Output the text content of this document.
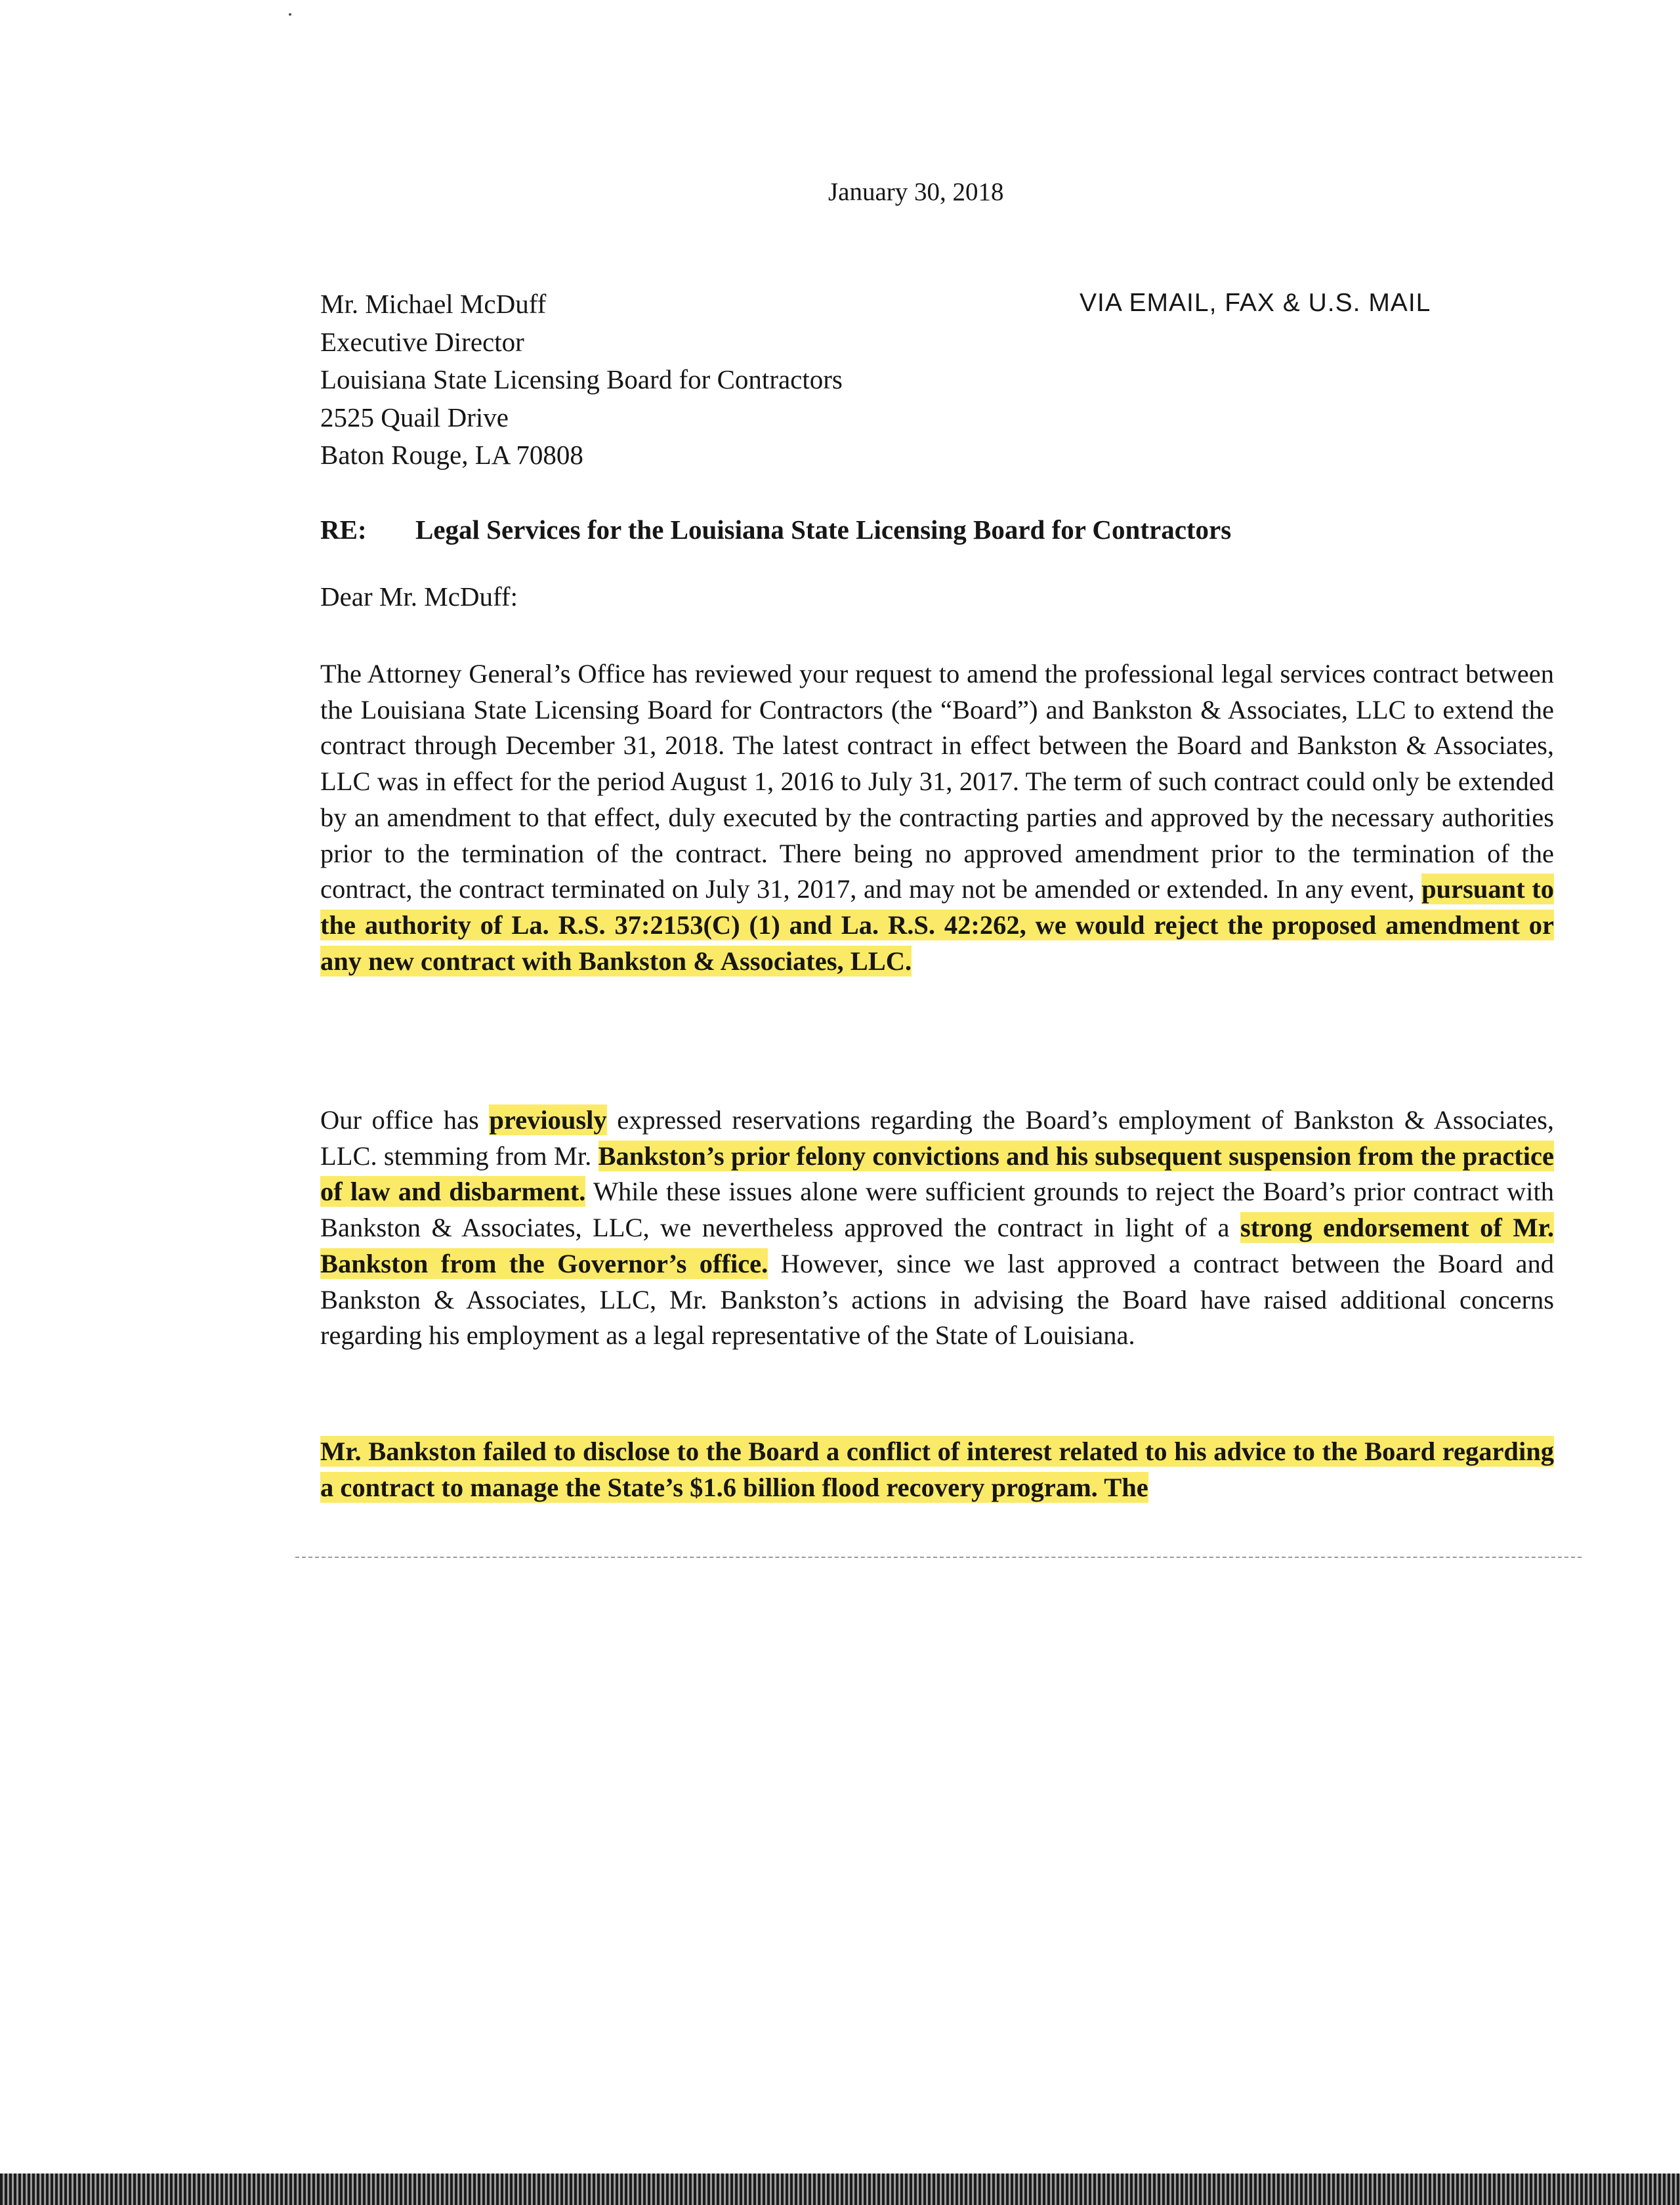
January 30, 2018
VIA EMAIL, FAX & U.S. MAIL
Mr. Michael McDuff
Executive Director
Louisiana State Licensing Board for Contractors
2525 Quail Drive
Baton Rouge, LA 70808
RE: Legal Services for the Louisiana State Licensing Board for Contractors
Dear Mr. McDuff:
The Attorney General’s Office has reviewed your request to amend the professional legal services contract between the Louisiana State Licensing Board for Contractors (the “Board”) and Bankston & Associates, LLC to extend the contract through December 31, 2018. The latest contract in effect between the Board and Bankston & Associates, LLC was in effect for the period August 1, 2016 to July 31, 2017. The term of such contract could only be extended by an amendment to that effect, duly executed by the contracting parties and approved by the necessary authorities prior to the termination of the contract. There being no approved amendment prior to the termination of the contract, the contract terminated on July 31, 2017, and may not be amended or extended. In any event, pursuant to the authority of La. R.S. 37:2153(C) (1) and La. R.S. 42:262, we would reject the proposed amendment or any new contract with Bankston & Associates, LLC.
Our office has previously expressed reservations regarding the Board’s employment of Bankston & Associates, LLC. stemming from Mr. Bankston’s prior felony convictions and his subsequent suspension from the practice of law and disbarment. While these issues alone were sufficient grounds to reject the Board’s prior contract with Bankston & Associates, LLC, we nevertheless approved the contract in light of a strong endorsement of Mr. Bankston from the Governor’s office. However, since we last approved a contract between the Board and Bankston & Associates, LLC, Mr. Bankston’s actions in advising the Board have raised additional concerns regarding his employment as a legal representative of the State of Louisiana.
Mr. Bankston failed to disclose to the Board a conflict of interest related to his advice to the Board regarding a contract to manage the State’s $1.6 billion flood recovery program. The
